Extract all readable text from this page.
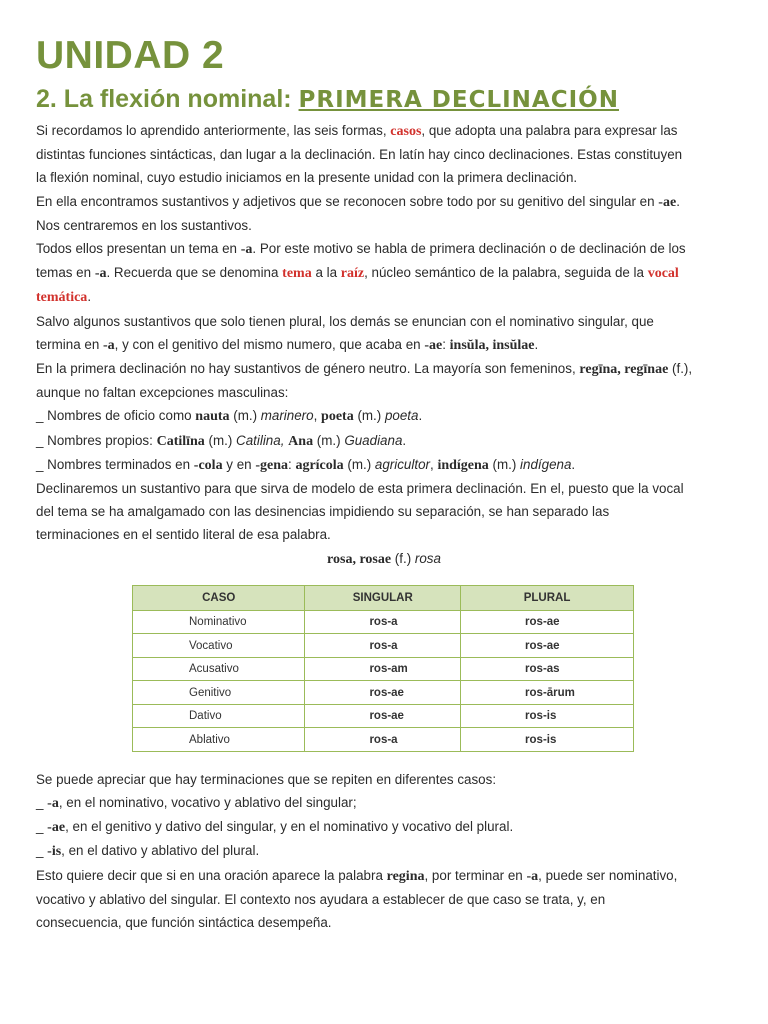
UNIDAD 2
2. La flexión nominal: PRIMERA DECLINACIÓN

Si recordamos lo aprendido anteriormente, las seis formas, casos, que adopta una palabra para expresar las

distintas funciones sintácticas, dan lugar a la declinación. En latín hay cinco declinaciones. Estas constituyen

la flexión nominal, cuyo estudio iniciamos en la presente unidad con la primera declinación.

En ella encontramos sustantivos y adjetivos que se reconocen sobre todo por su genitivo del singular en -ae.

Nos centraremos en los sustantivos.

Todos ellos presentan un tema en -a. Por este motivo se habla de primera declinación o de declinación de los

temas en -a. Recuerda que se denomina tema a la raíz, núcleo semántico de la palabra, seguida de la vocal

temática.

Salvo algunos sustantivos que solo tienen plural, los demás se enuncian con el nominativo singular, que

termina en -a, y con el genitivo del mismo numero, que acaba en -ae: insŭla, insŭlae.

En la primera declinación no hay sustantivos de género neutro. La mayoría son femeninos, regīna, regīnae (f.),

aunque no faltan excepciones masculinas:

_ Nombres de oficio como nauta (m.) marinero, poeta (m.) poeta.

_ Nombres propios: Catilīna (m.) Catilina, Ana (m.) Guadiana.

_ Nombres terminados en -cola y en -gena: agrícola (m.) agricultor, indígena (m.) indígena.

Declinaremos un sustantivo para que sirva de modelo de esta primera declinación. En el, puesto que la vocal

del tema se ha amalgamado con las desinencias impidiendo su separación, se han separado las

terminaciones en el sentido literal de esa palabra.

rosa, rosae (f.) rosa

CASO	SINGULAR	PLURAL
Nominativo	ros-a	ros-ae
Vocativo	ros-a	ros-ae
Acusativo	ros-am	ros-as
Genitivo	ros-ae	ros-ārum
Dativo	ros-ae	ros-is
Ablativo	ros-a	ros-is

Se puede apreciar que hay terminaciones que se repiten en diferentes casos:

_ -a, en el nominativo, vocativo y ablativo del singular;

_ -ae, en el genitivo y dativo del singular, y en el nominativo y vocativo del plural.

_ -is, en el dativo y ablativo del plural.

Esto quiere decir que si en una oración aparece la palabra regina, por terminar en -a, puede ser nominativo,

vocativo y ablativo del singular. El contexto nos ayudara a establecer de que caso se trata, y, en

consecuencia, que función sintáctica desempeña.
